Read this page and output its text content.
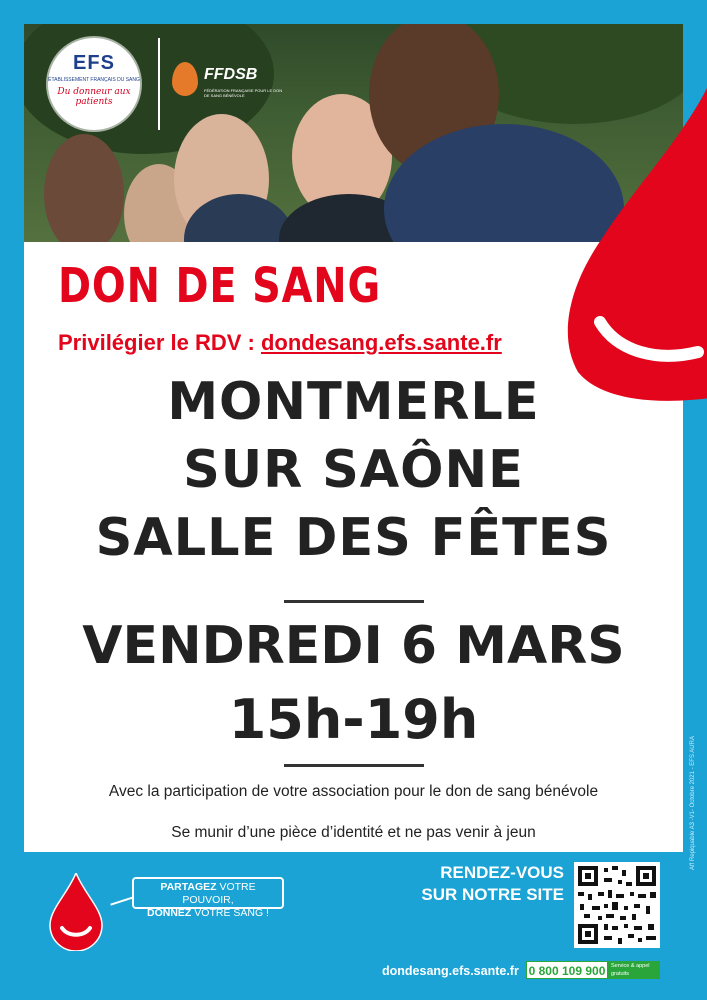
EFS
ÉTABLISSEMENT FRANÇAIS DU SANG
Du donneur aux patients
FFDSB
FÉDÉRATION FRANÇAISE POUR LE DON DE SANG BÉNÉVOLE
DON DE SANG
Privilégier le RDV : dondesang.efs.sante.fr
MONTMERLE
SUR SAÔNE
SALLE DES FÊTES
VENDREDI 6 MARS
15h-19h
Avec la participation de votre association pour le don de sang bénévole
Se munir d’une pièce d’identité et ne pas venir à jeun	Aff Repiquable A3 -V1- Octobre 2021 - EFS AURA
PARTAGEZ VOTRE POUVOIR,
DONNEZ VOTRE SANG !
RENDEZ-VOUS
SUR NOTRE SITE
dondesang.efs.sante.fr 0 800 109 900	Service & appel gratuits
